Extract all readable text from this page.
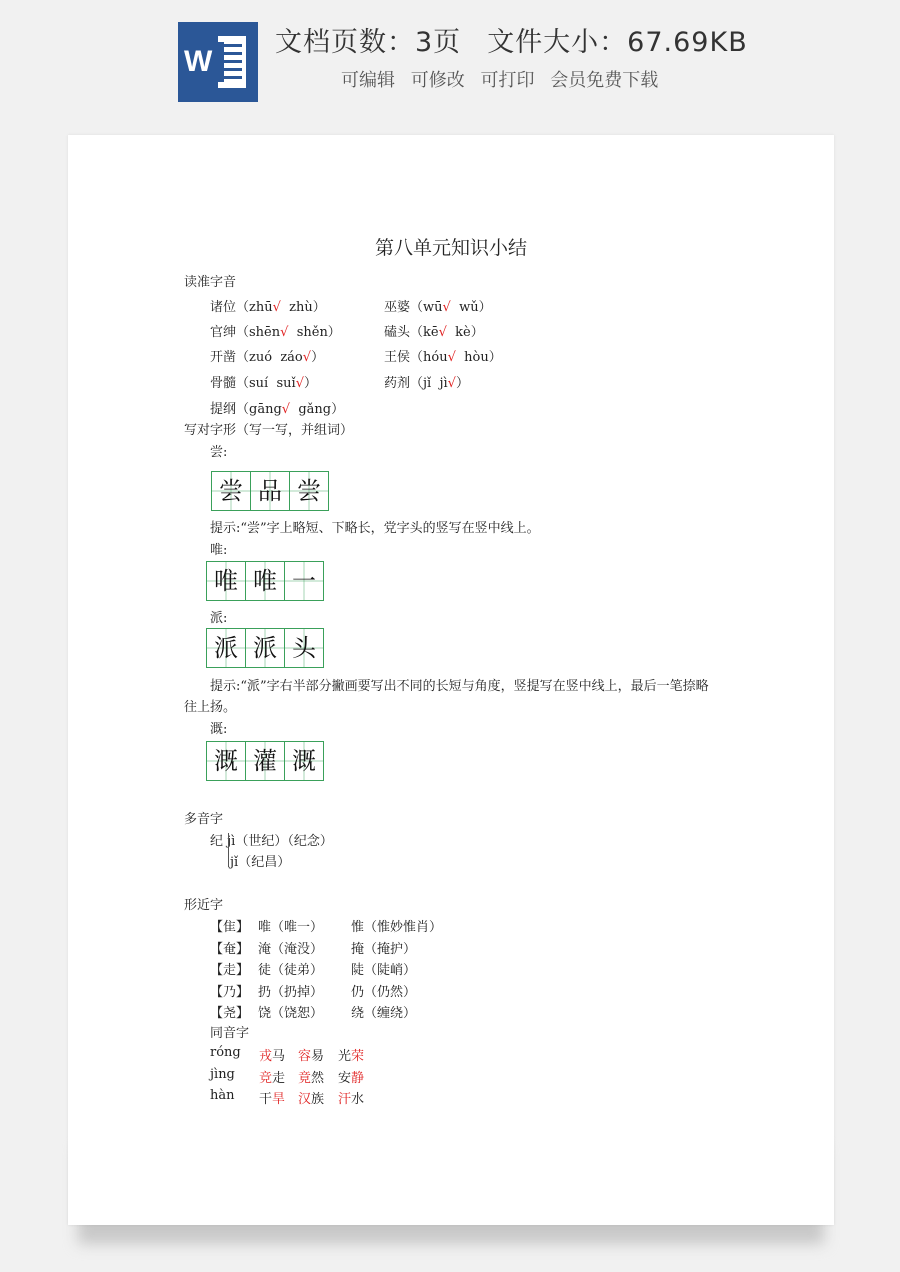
W
文档页数：3页 文件大小：67.69KB
可编辑 可修改 可打印 会员免费下载
第八单元知识小结
读准字音
诸位（zhū√  zhù）	巫婆（wū√  wǔ）
官绅（shēn√  shěn）	磕头（kē√  kè）
开凿（zuó  záo√）	王侯（hóu√  hòu）
骨髓（suí  suǐ√）	药剂（jǐ  jì√）
提纲（gāng√  gǎng）
写对字形（写一写，并组词）
尝:
尝 品 尝
提示:“尝”字上略短、下略长，党字头的竖写在竖中线上。
唯:
唯 唯 一
派:
派 派 头
提示:“派”字右半部分撇画要写出不同的长短与角度，竖提写在竖中线上，最后一笔捺略
往上扬。
溉:
溉 灌 溉
多音字
纪 jì（世纪）（纪念）
jǐ（纪昌）
形近字
【隹】 唯（唯一） 惟（惟妙惟肖）
【奄】 淹（淹没） 掩（掩护）
【走】 徒（徒弟） 陡（陡峭）
【乃】 扔（扔掉） 仍（仍然）
【尧】 饶（饶恕） 绕（缠绕）
同音字
róng 戎马 容易 光荣
jìng 竞走 竟然 安静
hàn 干旱 汉族 汗水
